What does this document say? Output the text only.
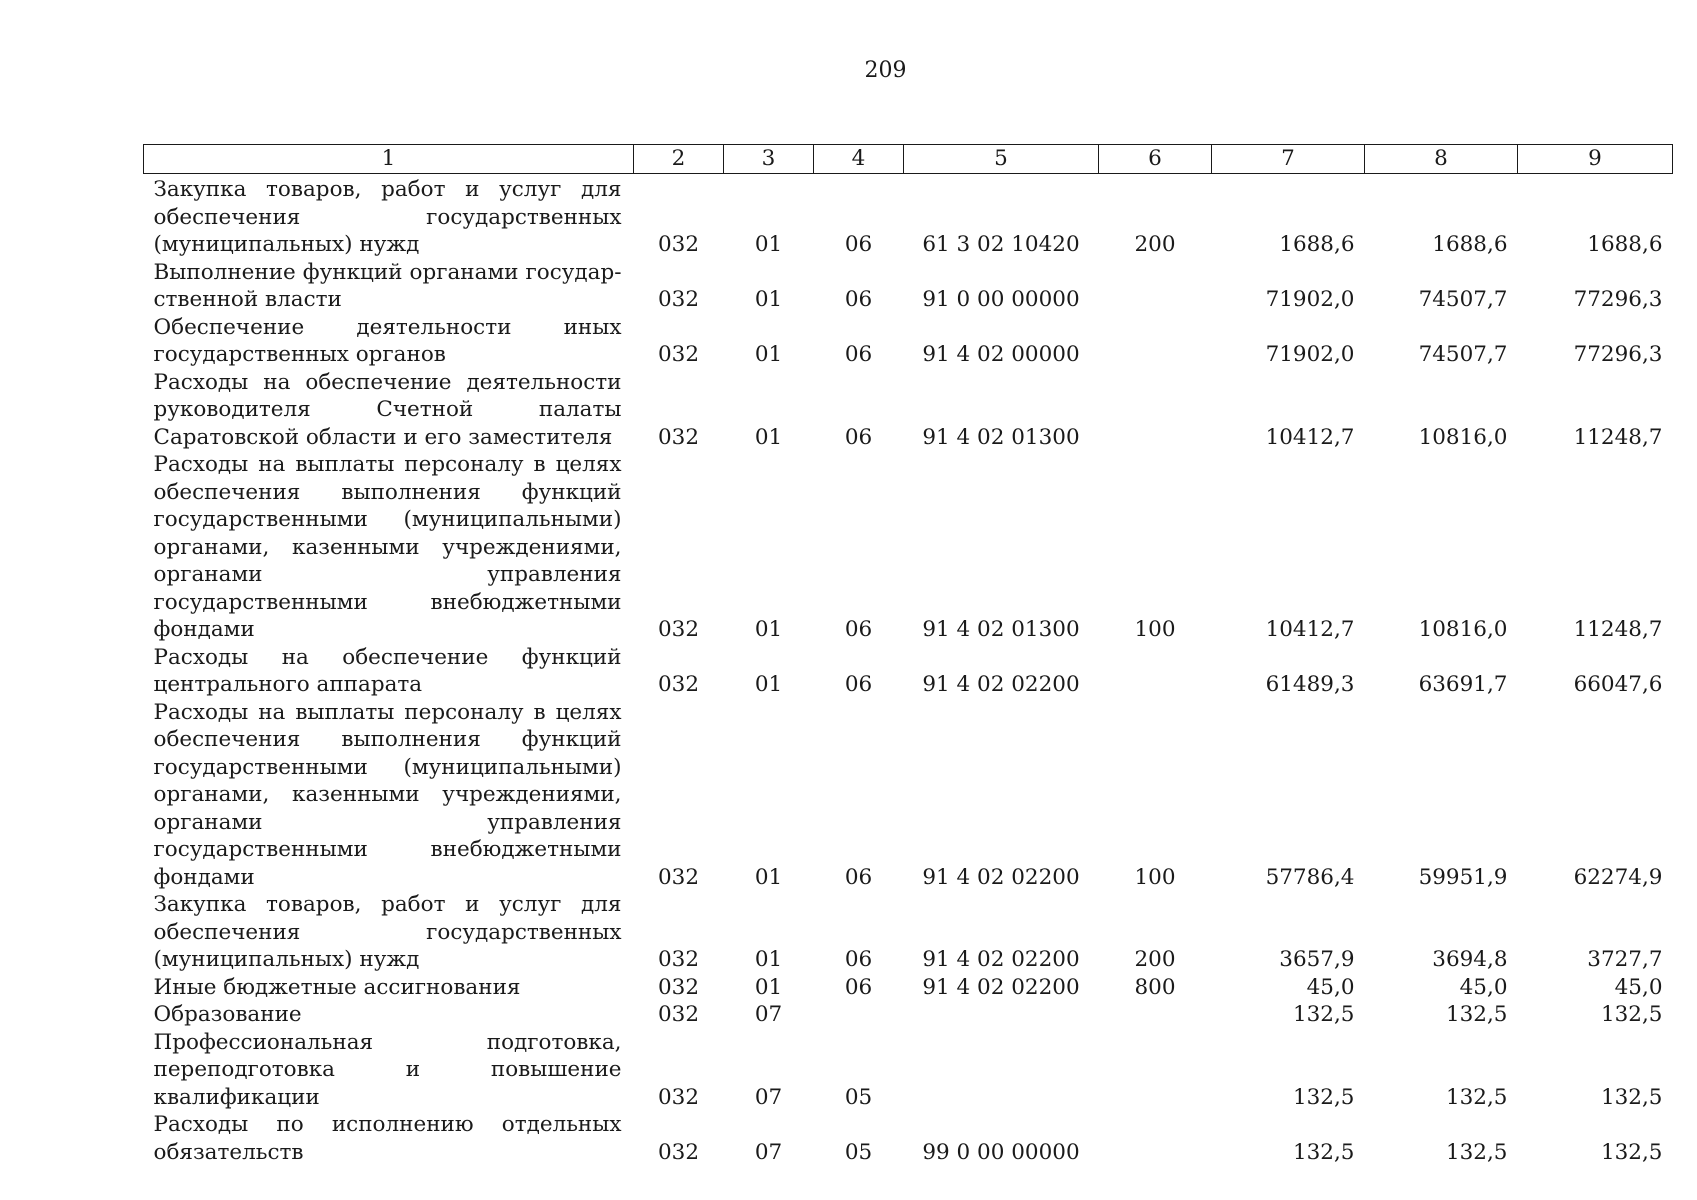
209
1	2	3	4	5	6	7	8	9
Закупка товаров, работ и услуг для обеспечения государственных (муниципальных) нужд	032	01	06	61 3 02 10420	200	1688,6	1688,6	1688,6
Выполнение функций органами государственной власти	032	01	06	91 0 00 00000		71902,0	74507,7	77296,3
Обеспечение деятельности иных государственных органов	032	01	06	91 4 02 00000		71902,0	74507,7	77296,3
Расходы на обеспечение деятельности руководителя Счетной палаты Саратовской области и его заместителя	032	01	06	91 4 02 01300		10412,7	10816,0	11248,7
Расходы на выплаты персоналу в целях обеспечения выполнения функций государственными (муниципальными) органами, казенными учреждениями, органами управления государственными внебюджетными фондами	032	01	06	91 4 02 01300	100	10412,7	10816,0	11248,7
Расходы на обеспечение функций центрального аппарата	032	01	06	91 4 02 02200		61489,3	63691,7	66047,6
Расходы на выплаты персоналу в целях обеспечения выполнения функций государственными (муниципальными) органами, казенными учреждениями, органами управления государственными внебюджетными фондами	032	01	06	91 4 02 02200	100	57786,4	59951,9	62274,9
Закупка товаров, работ и услуг для обеспечения государственных (муниципальных) нужд	032	01	06	91 4 02 02200	200	3657,9	3694,8	3727,7
Иные бюджетные ассигнования	032	01	06	91 4 02 02200	800	45,0	45,0	45,0
Образование	032	07				132,5	132,5	132,5
Профессиональная подготовка, переподготовка и повышение квалификации	032	07	05			132,5	132,5	132,5
Расходы по исполнению отдельных обязательств	032	07	05	99 0 00 00000		132,5	132,5	132,5
